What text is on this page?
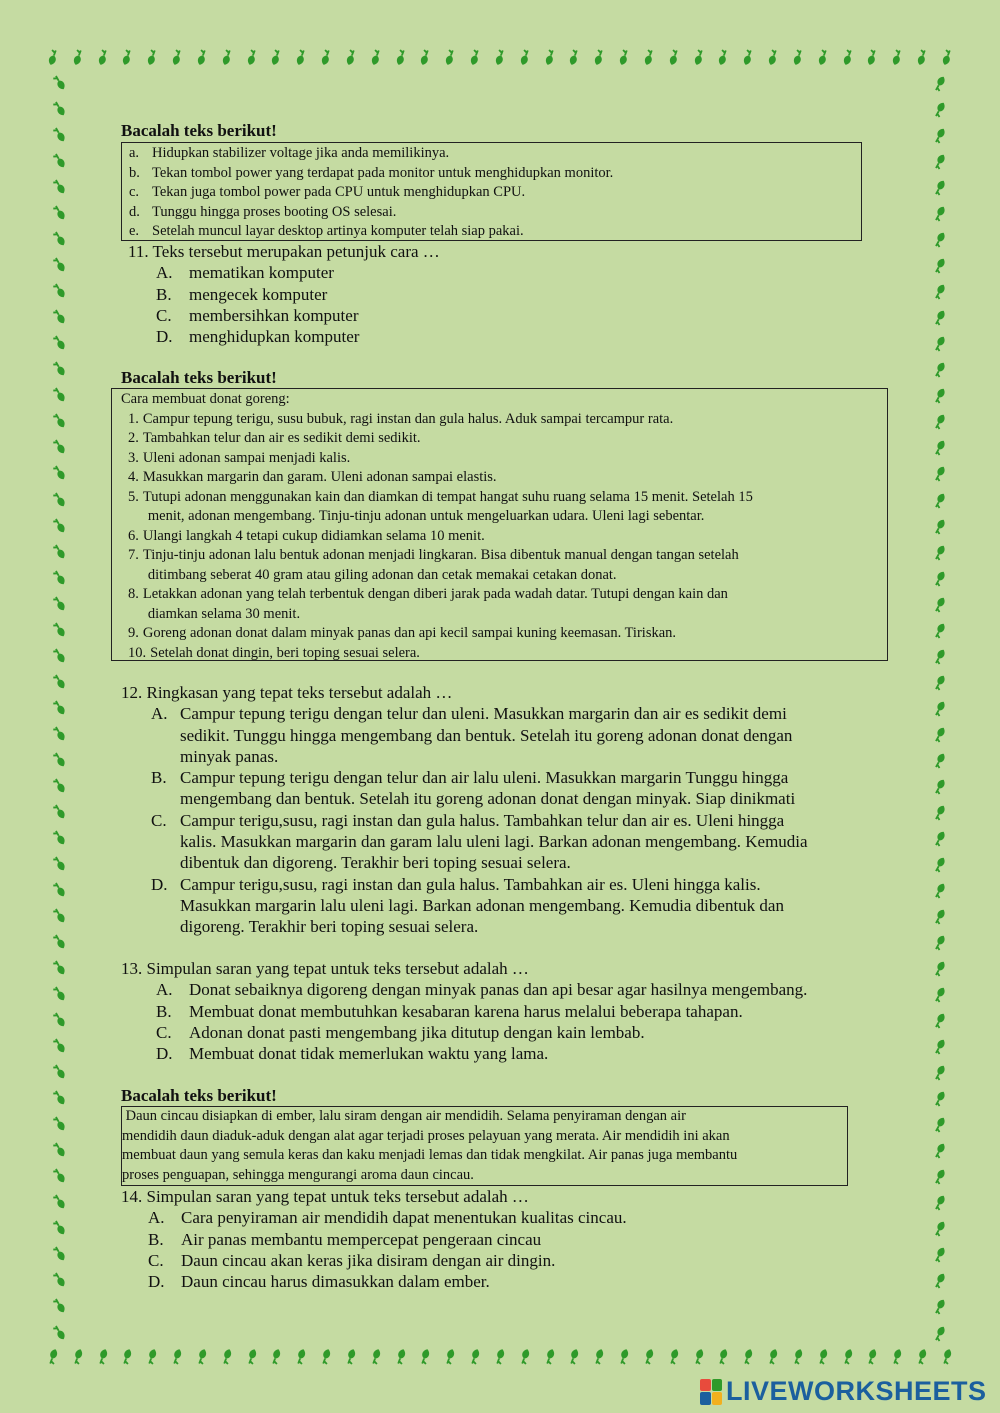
Bacalah teks berikut!
a. Hidupkan stabilizer voltage jika anda memilikinya.
b. Tekan tombol power yang terdapat pada monitor untuk menghidupkan monitor.
c. Tekan juga tombol power pada CPU untuk menghidupkan CPU.
d. Tunggu hingga proses booting OS selesai.
e. Setelah muncul layar desktop artinya komputer telah siap pakai.
11. Teks tersebut merupakan petunjuk cara …
A. mematikan komputer
B.	mengecek komputer
C.	membersihkan komputer
D. menghidupkan komputer
Bacalah teks berikut!
Cara membuat donat goreng:
1. Campur tepung terigu, susu bubuk, ragi instan dan gula halus. Aduk sampai tercampur rata.
2. Tambahkan telur dan air es sedikit demi sedikit.
3. Uleni adonan sampai menjadi kalis.
4. Masukkan margarin dan garam. Uleni adonan sampai elastis.
5. Tutupi adonan menggunakan kain dan diamkan di tempat hangat suhu ruang selama 15 menit. Setelah 15
menit, adonan mengembang. Tinju-tinju adonan untuk mengeluarkan udara. Uleni lagi sebentar.
6. Ulangi langkah 4 tetapi cukup didiamkan selama 10 menit.
7. Tinju-tinju adonan lalu bentuk adonan menjadi lingkaran. Bisa dibentuk manual dengan tangan setelah
ditimbang seberat 40 gram atau giling adonan dan cetak memakai cetakan donat.
8. Letakkan adonan yang telah terbentuk dengan diberi jarak pada wadah datar. Tutupi dengan kain dan
diamkan selama 30 menit.
9. Goreng adonan donat dalam minyak panas dan api kecil sampai kuning keemasan. Tiriskan.
10. Setelah donat dingin, beri toping sesuai selera.
12. Ringkasan yang tepat teks tersebut adalah …
A. Campur tepung terigu dengan telur dan uleni. Masukkan margarin dan air es sedikit demi
sedikit. Tunggu hingga mengembang dan bentuk. Setelah itu goreng adonan donat dengan
minyak panas.
B. Campur tepung terigu dengan telur dan air lalu uleni. Masukkan margarin Tunggu hingga
mengembang dan bentuk. Setelah itu goreng adonan donat dengan minyak. Siap dinikmati
C. Campur terigu,susu, ragi instan dan gula halus. Tambahkan telur dan air es. Uleni hingga
kalis. Masukkan margarin dan garam lalu uleni lagi. Barkan adonan mengembang. Kemudia
dibentuk dan digoreng. Terakhir beri toping sesuai selera.
D. Campur terigu,susu, ragi instan dan gula halus. Tambahkan air es. Uleni hingga kalis.
Masukkan margarin lalu uleni lagi. Barkan adonan mengembang. Kemudia dibentuk dan
digoreng. Terakhir beri toping sesuai selera.
13. Simpulan saran yang tepat untuk teks tersebut adalah …
A. Donat sebaiknya digoreng dengan minyak panas dan api besar agar hasilnya mengembang.
B.	Membuat donat membutuhkan kesabaran karena harus melalui beberapa tahapan.
C.	Adonan donat pasti mengembang jika ditutup dengan kain lembab.
D. Membuat donat tidak memerlukan waktu yang lama.
Bacalah teks berikut!
Daun cincau disiapkan di ember, lalu siram dengan air mendidih. Selama penyiraman dengan air
mendidih daun diaduk-aduk dengan alat agar terjadi proses pelayuan yang merata. Air mendidih ini akan
membuat daun yang semula keras dan kaku menjadi lemas dan tidak mengkilat. Air panas juga membantu
proses penguapan, sehingga mengurangi aroma daun cincau.
14. Simpulan saran yang tepat untuk teks tersebut adalah …
A. Cara penyiraman air mendidih dapat menentukan kualitas cincau.
B.	Air panas membantu mempercepat pengeraan cincau
C.	Daun cincau akan keras jika disiram dengan air dingin.
D. Daun cincau harus dimasukkan dalam ember.
LIVEWORKSHEETS
